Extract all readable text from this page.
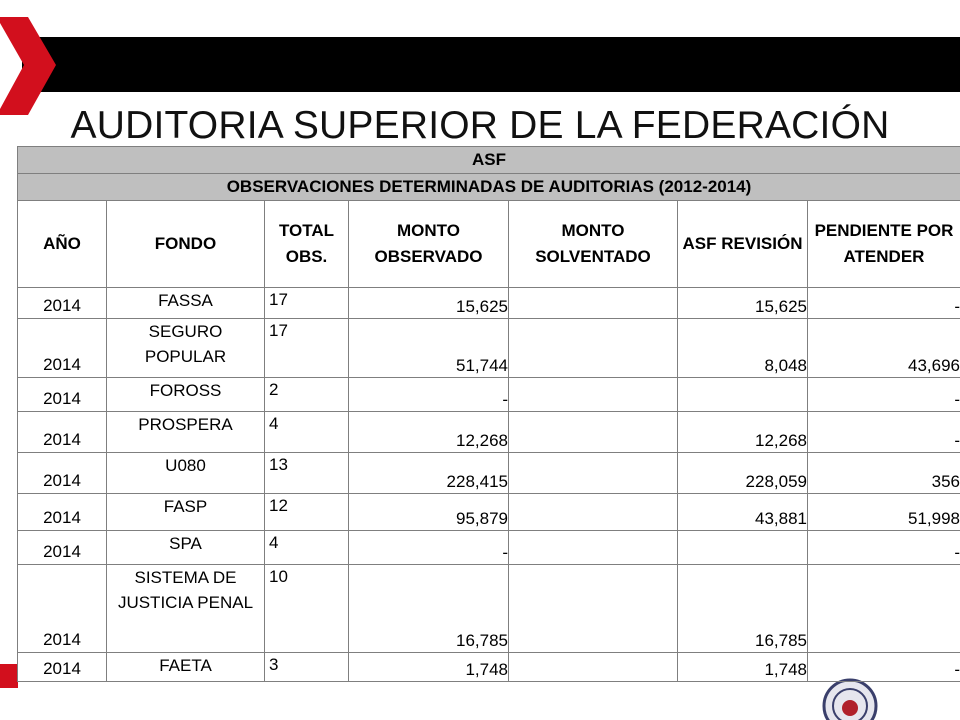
AUDITORIA SUPERIOR DE LA FEDERACIÓN
ASF						
OBSERVACIONES DETERMINADAS DE AUDITORIAS (2012-2014)						
AÑO	FONDO	TOTAL OBS.	MONTO OBSERVADO	MONTO SOLVENTADO	ASF REVISIÓN	PENDIENTE POR ATENDER
2014	FASSA	17	15,625		15,625	-
2014	SEGURO POPULAR	17	51,744		8,048	43,696
2014	FOROSS	2	-			-
2014	PROSPERA	4	12,268		12,268	-
2014	U080	13	228,415		228,059	356
2014	FASP	12	95,879		43,881	51,998
2014	SPA	4	-			-
2014	SISTEMA DE JUSTICIA PENAL	10	16,785		16,785	
2014	FAETA	3	1,748		1,748	-
